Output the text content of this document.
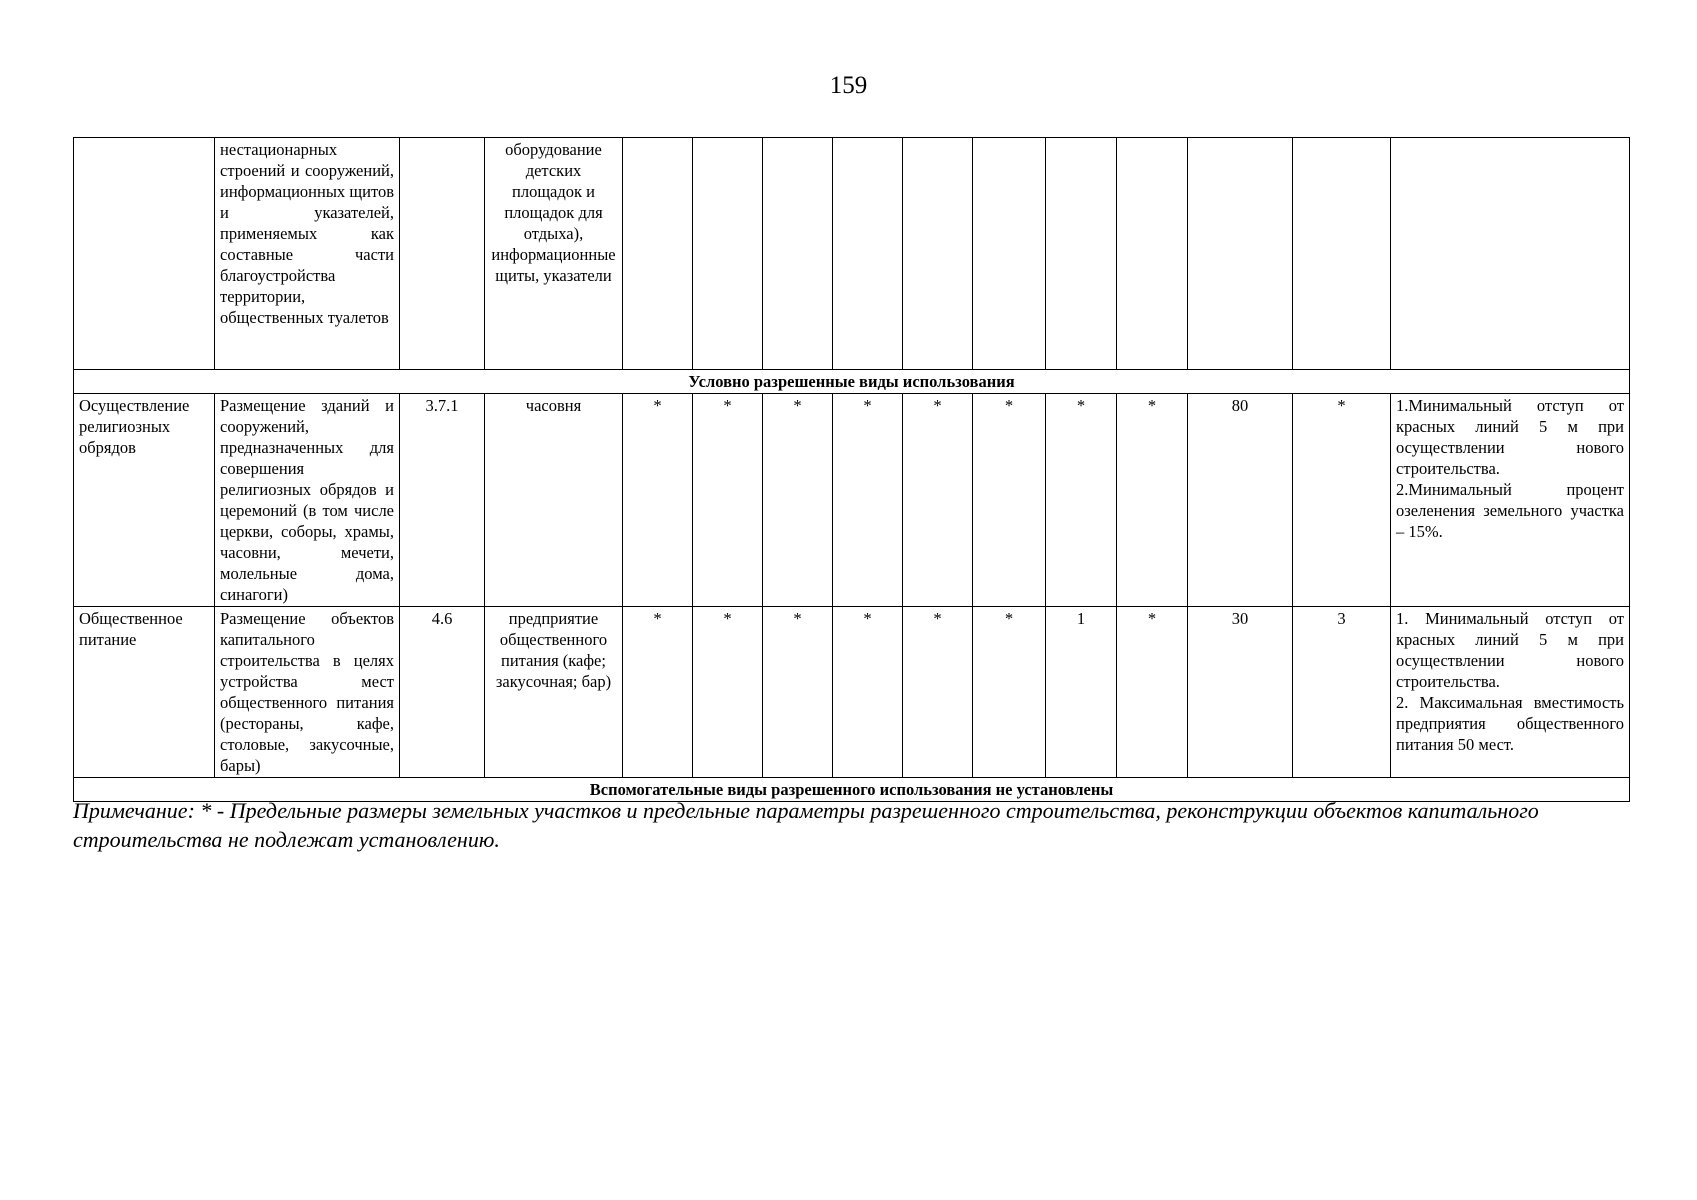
159
	нестационарных строений и сооружений, информационных щитов и указателей, применяемых как составные части благоустройства территории, общественных туалетов		оборудование детских площадок и площадок для отдыха), информационные щиты, указатели											
Условно разрешенные виды использования														
Осуществление религиозных обрядов	Размещение зданий и сооружений, предназначенных для совершения религиозных обрядов и церемоний (в том числе церкви, соборы, храмы, часовни, мечети, молельные дома, синагоги)	3.7.1	часовня	*	*	*	*	*	*	*	*	80	*	1.Минимальный отступ от красных линий 5 м при осуществлении нового строительства.
2.Минимальный процент озеленения земельного участка – 15%.

Общественное питание	Размещение объектов капитального строительства в целях устройства мест общественного питания (рестораны, кафе, столовые, закусочные, бары)	4.6	предприятие общественного питания (кафе; закусочная; бар)	*	*	*	*	*	*	1	*	30	3	1. Минимальный отступ от красных линий 5 м при осуществлении нового строительства.
2. Максимальная вместимость предприятия общественного питания 50 мест.

Вспомогательные виды разрешенного использования не установлены														
Примечание: * - Предельные размеры земельных участков и предельные параметры разрешенного строительства, реконструкции объектов капитального строительства не подлежат установлению.
